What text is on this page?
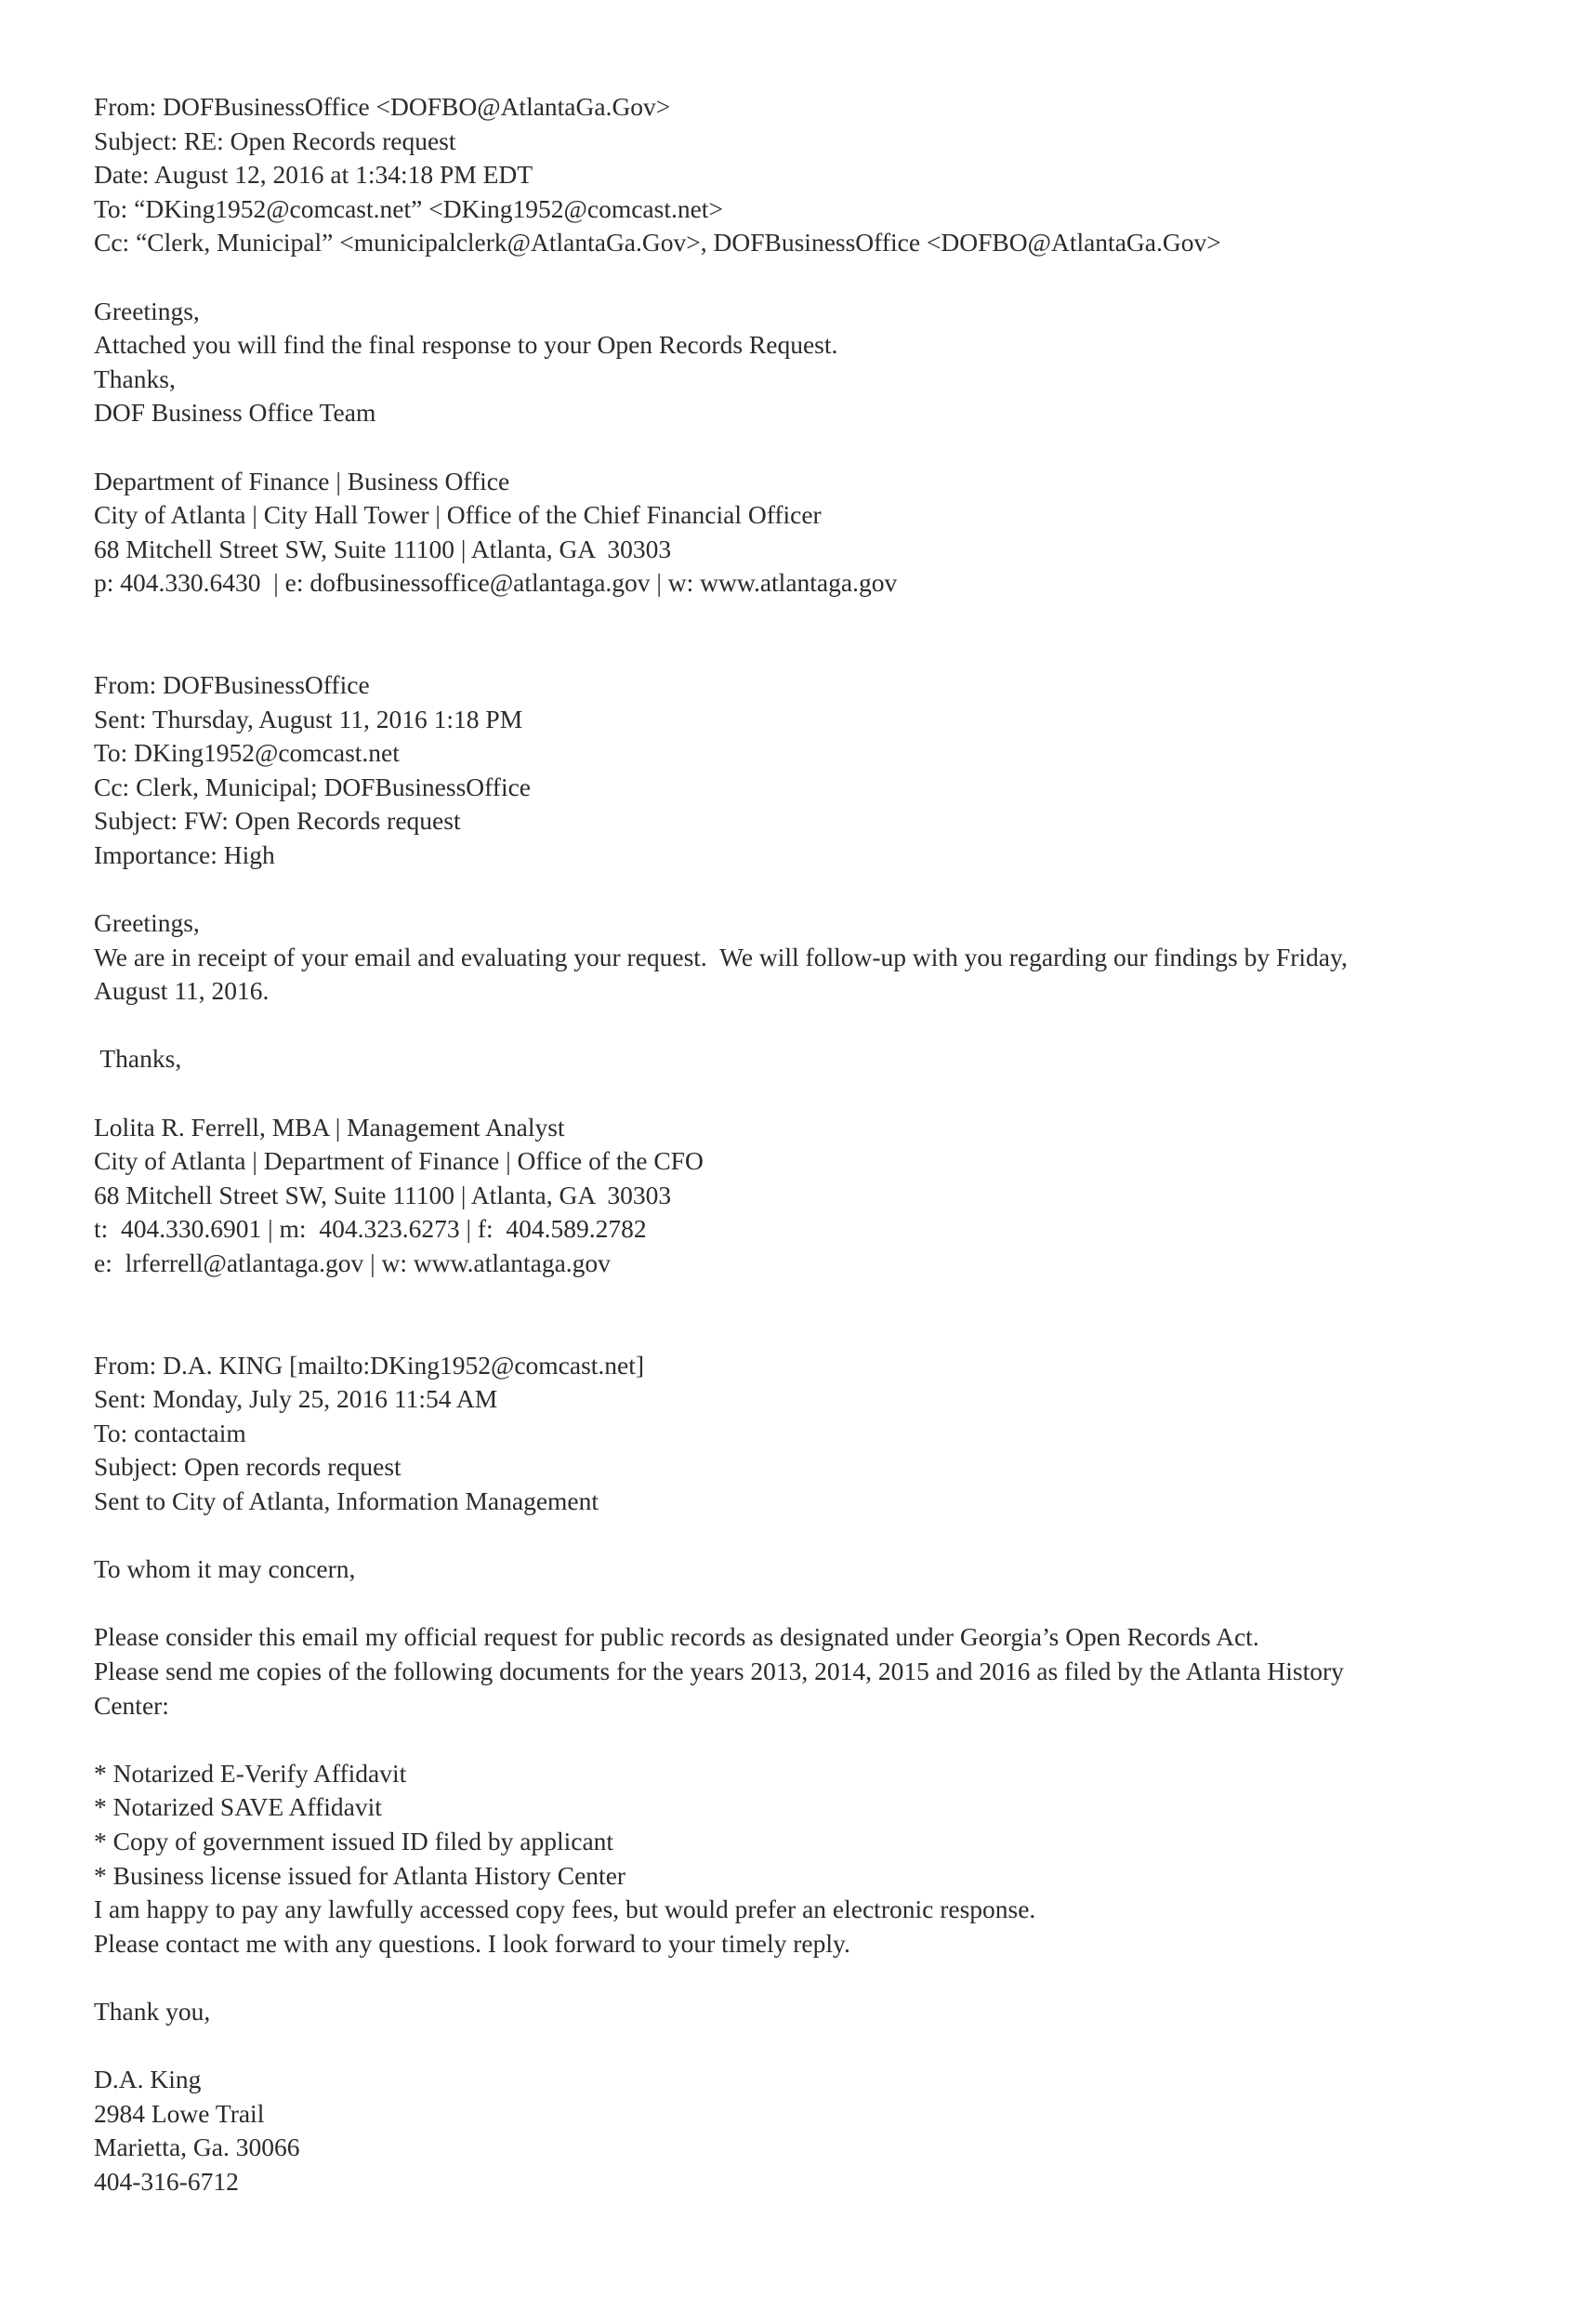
From: DOFBusinessOffice <DOFBO@AtlantaGa.Gov>
Subject: RE: Open Records request
Date: August 12, 2016 at 1:34:18 PM EDT
To: “DKing1952@comcast.net” <DKing1952@comcast.net>
Cc: “Clerk, Municipal” <municipalclerk@AtlantaGa.Gov>, DOFBusinessOffice <DOFBO@AtlantaGa.Gov>
Greetings,
Attached you will find the final response to your Open Records Request.
Thanks,
DOF Business Office Team
Department of Finance | Business Office
City of Atlanta | City Hall Tower | Office of the Chief Financial Officer
68 Mitchell Street SW, Suite 11100 | Atlanta, GA  30303
p: 404.330.6430  | e: dofbusinessoffice@atlantaga.gov | w: www.atlantaga.gov
From: DOFBusinessOffice
Sent: Thursday, August 11, 2016 1:18 PM
To: DKing1952@comcast.net
Cc: Clerk, Municipal; DOFBusinessOffice
Subject: FW: Open Records request
Importance: High
Greetings,
We are in receipt of your email and evaluating your request.  We will follow-up with you regarding our findings by Friday,
August 11, 2016.
Thanks,
Lolita R. Ferrell, MBA | Management Analyst
City of Atlanta | Department of Finance | Office of the CFO
68 Mitchell Street SW, Suite 11100 | Atlanta, GA  30303
t:  404.330.6901 | m:  404.323.6273 | f:  404.589.2782
e:  lrferrell@atlantaga.gov | w: www.atlantaga.gov
From: D.A. KING [mailto:DKing1952@comcast.net]
Sent: Monday, July 25, 2016 11:54 AM
To: contactaim
Subject: Open records request
Sent to City of Atlanta, Information Management
To whom it may concern,
Please consider this email my official request for public records as designated under Georgia’s Open Records Act.
Please send me copies of the following documents for the years 2013, 2014, 2015 and 2016 as filed by the Atlanta History
Center:
* Notarized E-Verify Affidavit
* Notarized SAVE Affidavit
* Copy of government issued ID filed by applicant
* Business license issued for Atlanta History Center
I am happy to pay any lawfully accessed copy fees, but would prefer an electronic response.
Please contact me with any questions. I look forward to your timely reply.
Thank you,
D.A. King
2984 Lowe Trail
Marietta, Ga. 30066
404-316-6712
